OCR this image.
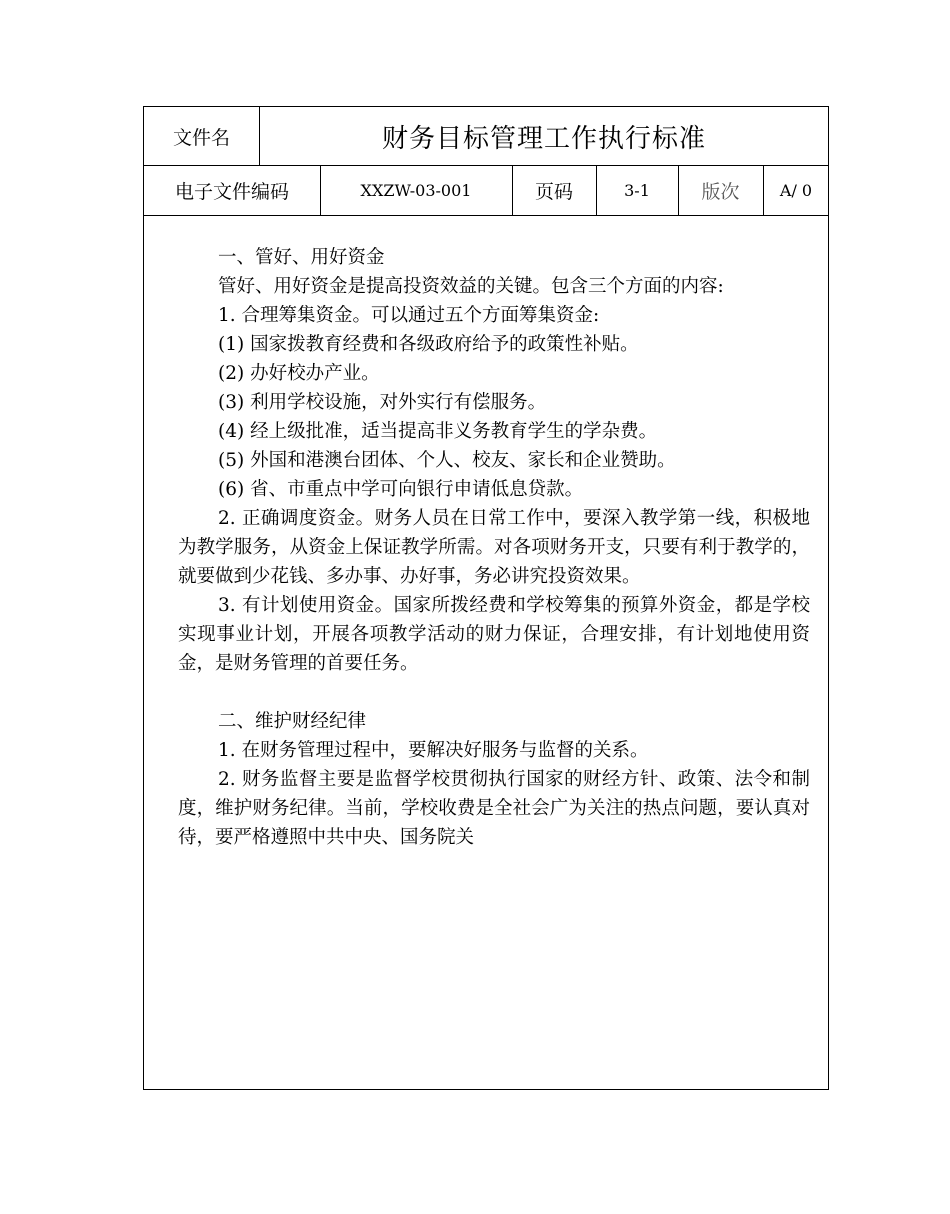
文件名	财务目标管理工作执行标准
电子文件编码	XXZW-03-001	页码	3-1	版次	A/ 0

一、管好、用好资金

管好、用好资金是提高投资效益的关键。包含三个方面的内容:

1. 合理筹集资金。可以通过五个方面筹集资金:

(1) 国家拨教育经费和各级政府给予的政策性补贴。

(2) 办好校办产业。

(3) 利用学校设施，对外实行有偿服务。

(4) 经上级批准，适当提高非义务教育学生的学杂费。

(5) 外国和港澳台团体、个人、校友、家长和企业赞助。

(6) 省、市重点中学可向银行申请低息贷款。

2. 正确调度资金。财务人员在日常工作中，要深入教学第一线，积极地为教学服务，从资金上保证教学所需。对各项财务开支，只要有利于教学的，就要做到少花钱、多办事、办好事，务必讲究投资效果。

3. 有计划使用资金。国家所拨经费和学校筹集的预算外资金，都是学校实现事业计划，开展各项教学活动的财力保证，合理安排，有计划地使用资金，是财务管理的首要任务。

二、维护财经纪律

1. 在财务管理过程中，要解决好服务与监督的关系。

2. 财务监督主要是监督学校贯彻执行国家的财经方针、政策、法令和制度，维护财务纪律。当前，学校收费是全社会广为关注的热点问题，要认真对待，要严格遵照中共中央、国务院关
